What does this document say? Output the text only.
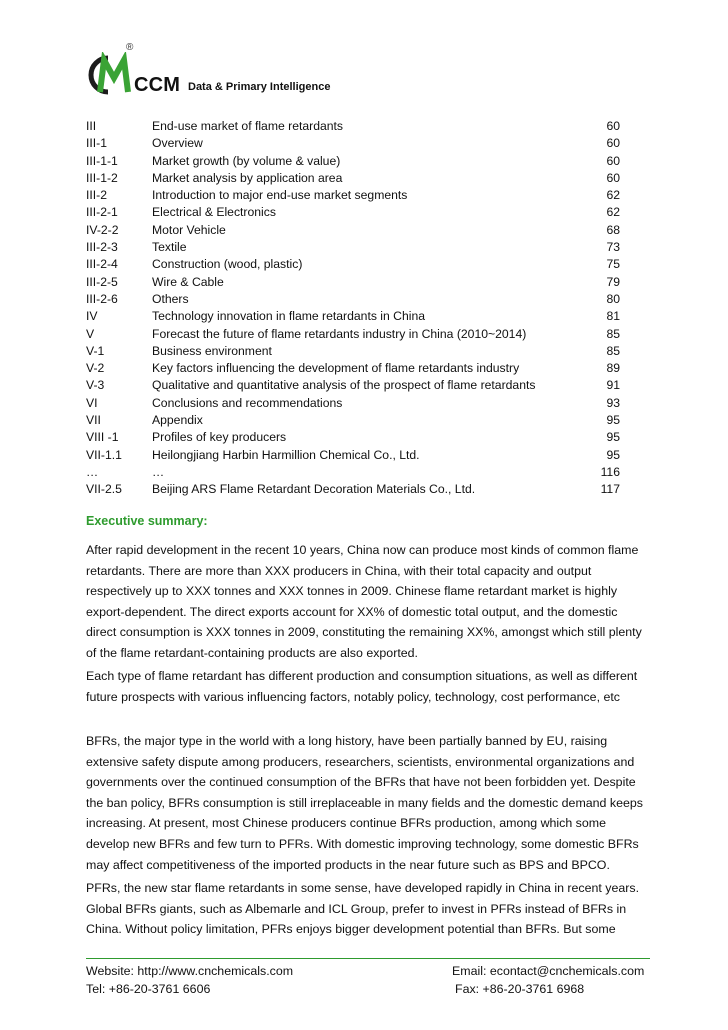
®
CCM Data & Primary Intelligence
III	End-use market of flame retardants	60
III-1	Overview	60
III-1-1	Market growth (by volume & value)	60
III-1-2	Market analysis by application area	60
III-2	Introduction to major end-use market segments	62
III-2-1	Electrical & Electronics	62
IV-2-2	Motor Vehicle	68
III-2-3	Textile	73
III-2-4	Construction (wood, plastic)	75
III-2-5	Wire & Cable	79
III-2-6	Others	80
IV	Technology innovation in flame retardants in China	81
V	Forecast the future of flame retardants industry in China (2010~2014)	85
V-1	Business environment	85
V-2	Key factors influencing the development of flame retardants industry	89
V-3	Qualitative and quantitative analysis of the prospect of flame retardants	91
VI	Conclusions and recommendations	93
VII	Appendix	95
VIII -1	Profiles of key producers	95
VII-1.1 Heilongjiang Harbin Harmillion Chemical Co., Ltd.	95
…	…	116
VII-2.5 Beijing ARS Flame Retardant Decoration Materials Co., Ltd.	117
Executive summary:

After rapid development in the recent 10 years, China now can produce most kinds of common flame retardants. There are more than XXX producers in China, with their total capacity and output respectively up to XXX tonnes and XXX tonnes in 2009. Chinese flame retardant market is highly export-dependent. The direct exports account for XX% of domestic total output, and the domestic direct consumption is XXX tonnes in 2009, constituting the remaining XX%, amongst which still plenty of the flame retardant-containing products are also exported.

Each type of flame retardant has different production and consumption situations, as well as different future prospects with various influencing factors, notably policy, technology, cost performance, etc

BFRs, the major type in the world with a long history, have been partially banned by EU, raising extensive safety dispute among producers, researchers, scientists, environmental organizations and governments over the continued consumption of the BFRs that have not been forbidden yet. Despite the ban policy, BFRs consumption is still irreplaceable in many fields and the domestic demand keeps increasing. At present, most Chinese producers continue BFRs production, among which some develop new BFRs and few turn to PFRs. With domestic improving technology, some domestic BFRs may affect competitiveness of the imported products in the near future such as BPS and BPCO.

PFRs, the new star flame retardants in some sense, have developed rapidly in China in recent years. Global BFRs giants, such as Albemarle and ICL Group, prefer to invest in PFRs instead of BFRs in China. Without policy limitation, PFRs enjoys bigger development potential than BFRs. But some

Website: http://www.cnchemicals.com
Tel: +86-20-3761 6606
Email: econtact@cnchemicals.com
Fax: +86-20-3761 6968
